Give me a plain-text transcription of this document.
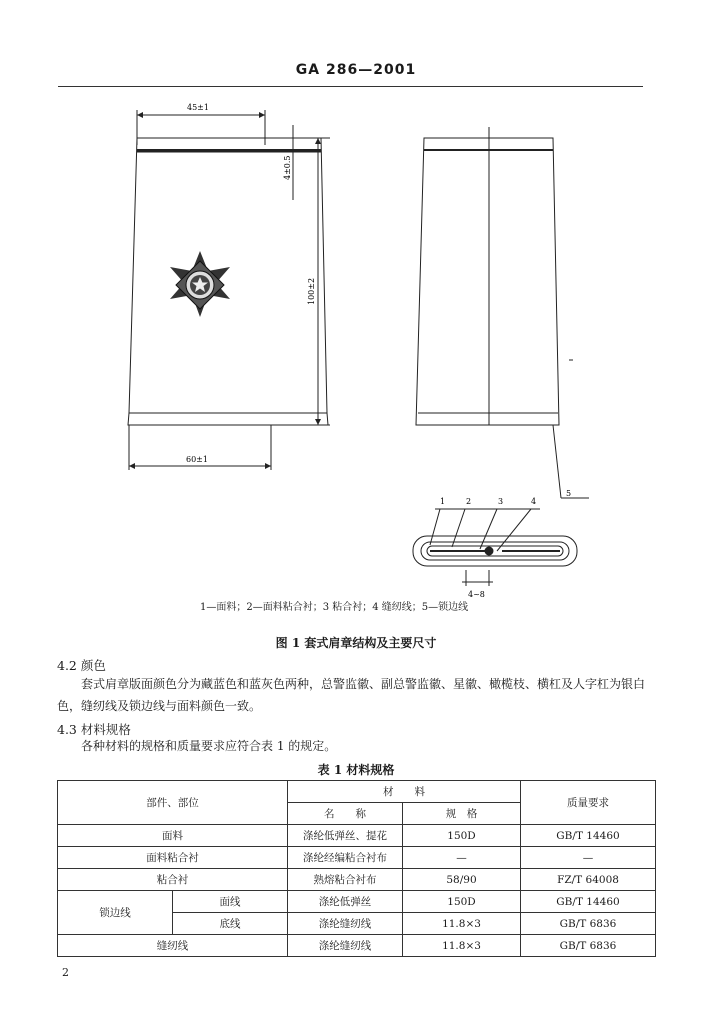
GA 286—2001
45±1
4±0.5
100±2
60±1
4~8
1	2	3	4
5
1—面料；2—面料粘合衬；3 粘合衬；4 缝纫线；5—锁边线
图 1 套式肩章结构及主要尺寸
4.2 颜色
套式肩章版面颜色分为藏蓝色和蓝灰色两种，总警监徽、副总警监徽、星徽、橄榄枝、横杠及人字杠为银白色，缝纫线及锁边线与面料颜色一致。
4.3 材料规格
各种材料的规格和质量要求应符合表 1 的规定。
表 1 材料规格
部件、部位		材　　料		质量要求
		名　　称	规　格	
面料		涤纶低弹丝、提花	150D	GB/T 14460
面料粘合衬		涤纶经编粘合衬布	—	—
粘合衬		熟熔粘合衬布	58/90	FZ/T 64008
锁边线	面线	涤纶低弹丝	150D	GB/T 14460
	底线	涤纶缝纫线	11.8×3	GB/T 6836
缝纫线		涤纶缝纫线	11.8×3	GB/T 6836
2
